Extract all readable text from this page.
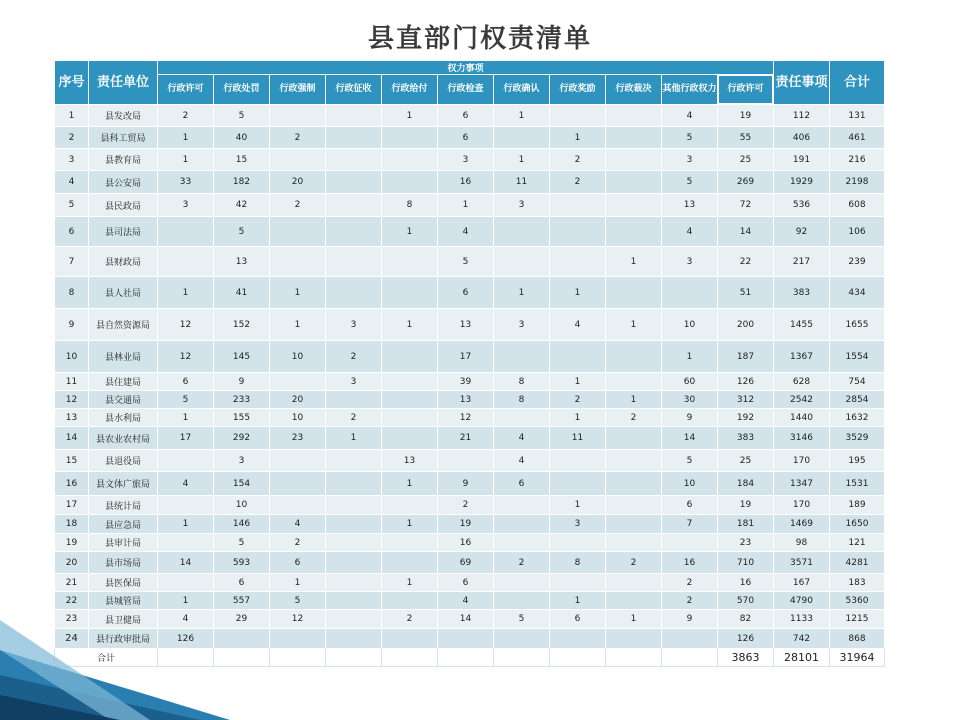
县直部门权责清单
序号	责任单位	权力事项											责任事项	合计
		行政许可	行政处罚	行政强制	行政征收	行政给付	行政检查	行政确认	行政奖励	行政裁决	其他行政权力	行政许可		
1	县发改局	2	5			1	6	1			4	19	112	131
2	县科工贸局	1	40	2			6		1		5	55	406	461
3	县教育局	1	15				3	1	2		3	25	191	216
4	县公安局	33	182	20			16	11	2		5	269	1929	2198
5	县民政局	3	42	2		8	1	3			13	72	536	608
6	县司法局		5			1	4				4	14	92	106
7	县财政局		13				5			1	3	22	217	239
8	县人社局	1	41	1			6	1	1			51	383	434
9	县自然资源局	12	152	1	3	1	13	3	4	1	10	200	1455	1655
10	县林业局	12	145	10	2		17				1	187	1367	1554
11	县住建局	6	9		3		39	8	1		60	126	628	754
12	县交通局	5	233	20			13	8	2	1	30	312	2542	2854
13	县水利局	1	155	10	2		12		1	2	9	192	1440	1632
14	县农业农村局	17	292	23	1		21	4	11		14	383	3146	3529
15	县退役局		3			13		4			5	25	170	195
16	县文体广旅局	4	154			1	9	6			10	184	1347	1531
17	县统计局		10				2		1		6	19	170	189
18	县应急局	1	146	4		1	19		3		7	181	1469	1650
19	县审计局		5	2			16					23	98	121
20	县市场局	14	593	6			69	2	8	2	16	710	3571	4281
21	县医保局		6	1		1	6				2	16	167	183
22	县城管局	1	557	5			4		1		2	570	4790	5360
23	县卫健局	4	29	12		2	14	5	6	1	9	82	1133	1215
24	县行政审批局	126										126	742	868
合计												3863	28101	31964
